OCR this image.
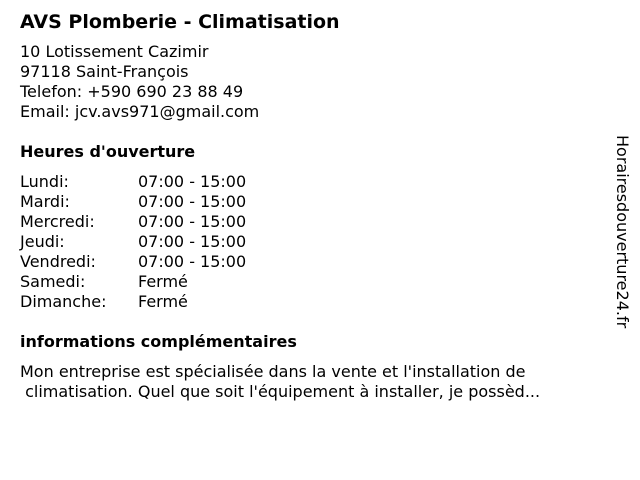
AVS Plomberie - Climatisation
10 Lotissement Cazimir
97118 Saint-François
Telefon: +590 690 23 88 49
Email: jcv.avs971@gmail.com
Heures d'ouverture
Lundi:	07:00 - 15:00
Mardi:	07:00 - 15:00
Mercredi:	07:00 - 15:00
Jeudi:	07:00 - 15:00
Vendredi:	07:00 - 15:00
Samedi:	Fermé
Dimanche:	Fermé
informations complémentaires
Mon entreprise est spécialisée dans la vente et l'installation de
climatisation. Quel que soit l'équipement à installer, je possèd...
Horairesdouverture24.fr
